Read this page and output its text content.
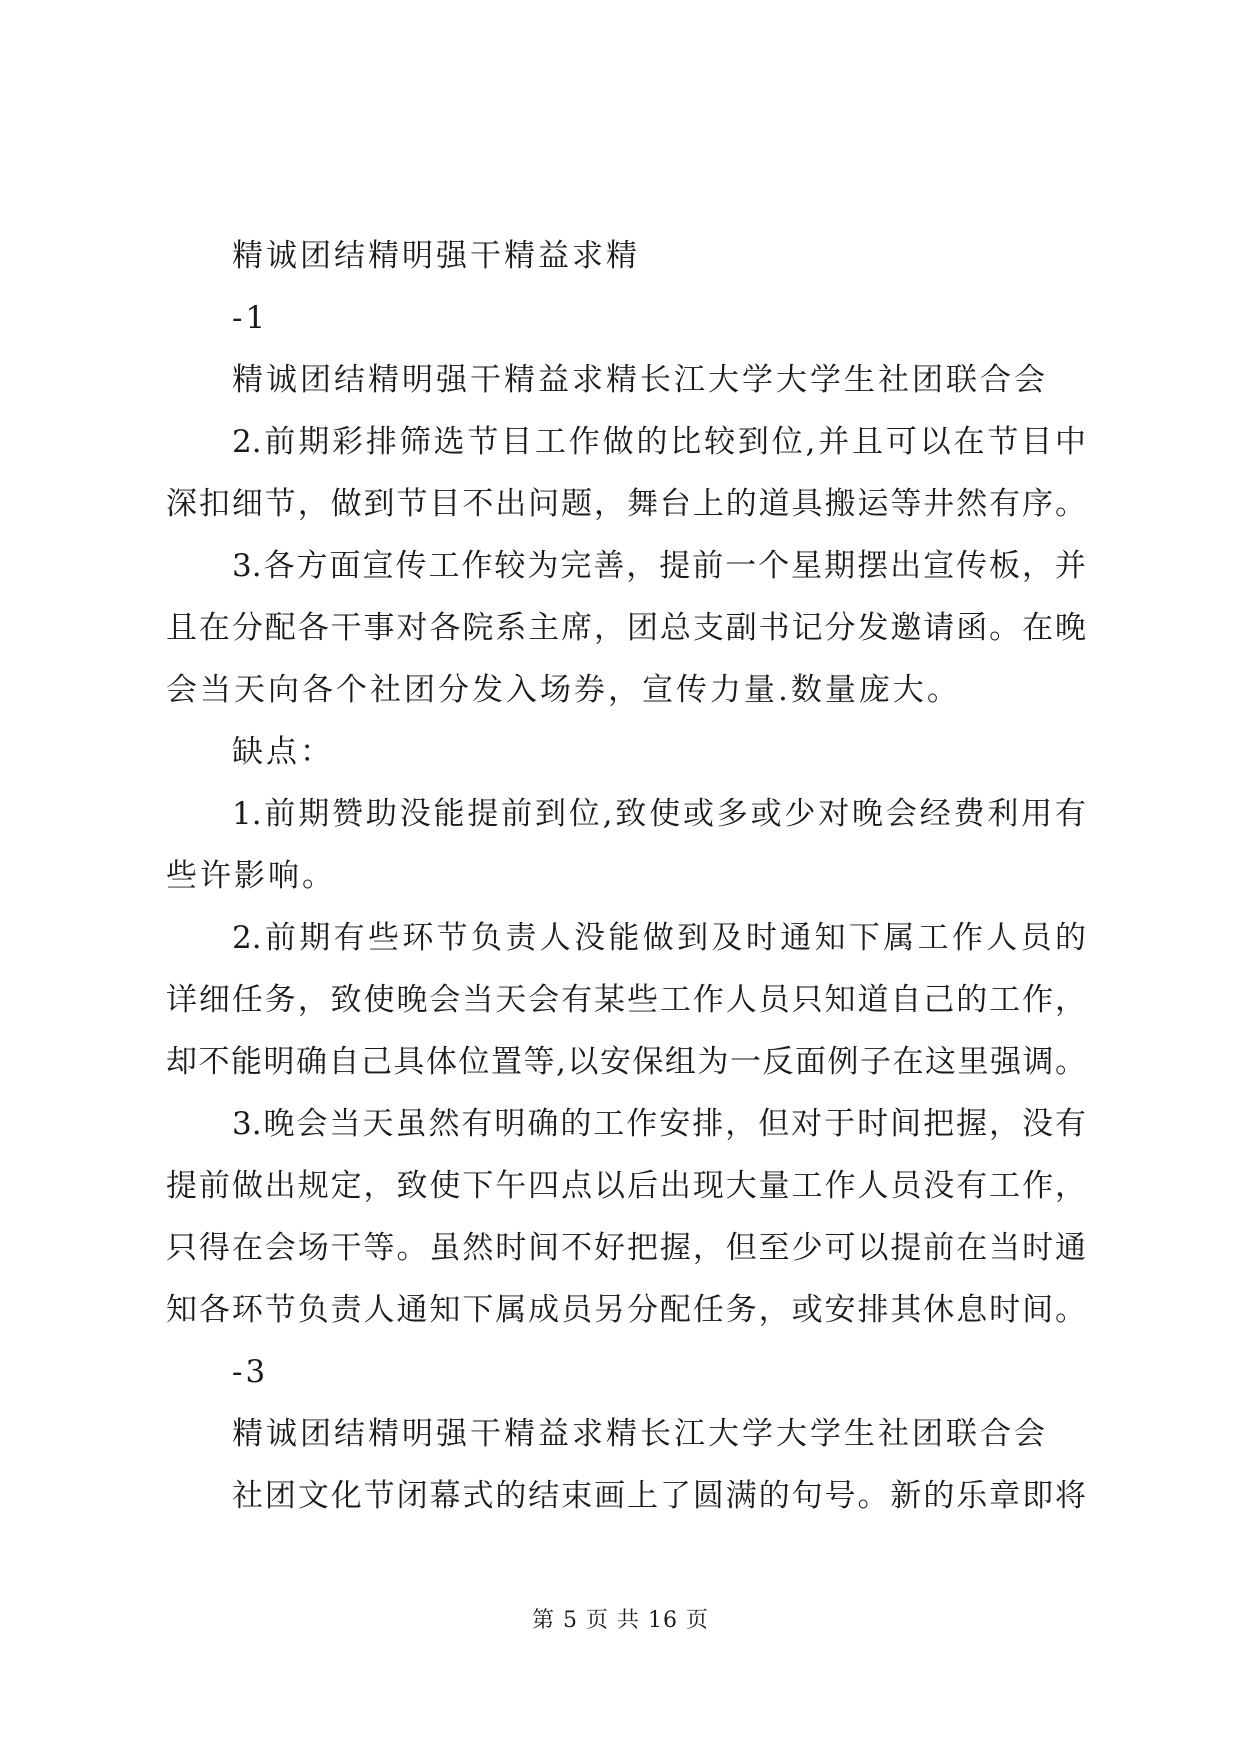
精诚团结精明强干精益求精
-1
精诚团结精明强干精益求精长江大学大学生社团联合会
2.前期彩排筛选节目工作做的比较到位,并且可以在节目中
深扣细节，做到节目不出问题，舞台上的道具搬运等井然有序。
3.各方面宣传工作较为完善，提前一个星期摆出宣传板，并
且在分配各干事对各院系主席，团总支副书记分发邀请函。在晚
会当天向各个社团分发入场券，宣传力量.数量庞大。
缺点：
1.前期赞助没能提前到位,致使或多或少对晚会经费利用有
些许影响。
2.前期有些环节负责人没能做到及时通知下属工作人员的
详细任务，致使晚会当天会有某些工作人员只知道自己的工作，
却不能明确自己具体位置等,以安保组为一反面例子在这里强调。
3.晚会当天虽然有明确的工作安排，但对于时间把握，没有
提前做出规定，致使下午四点以后出现大量工作人员没有工作，
只得在会场干等。虽然时间不好把握，但至少可以提前在当时通
知各环节负责人通知下属成员另分配任务，或安排其休息时间。
-3
精诚团结精明强干精益求精长江大学大学生社团联合会
社团文化节闭幕式的结束画上了圆满的句号。新的乐章即将
第 5 页 共 16 页
